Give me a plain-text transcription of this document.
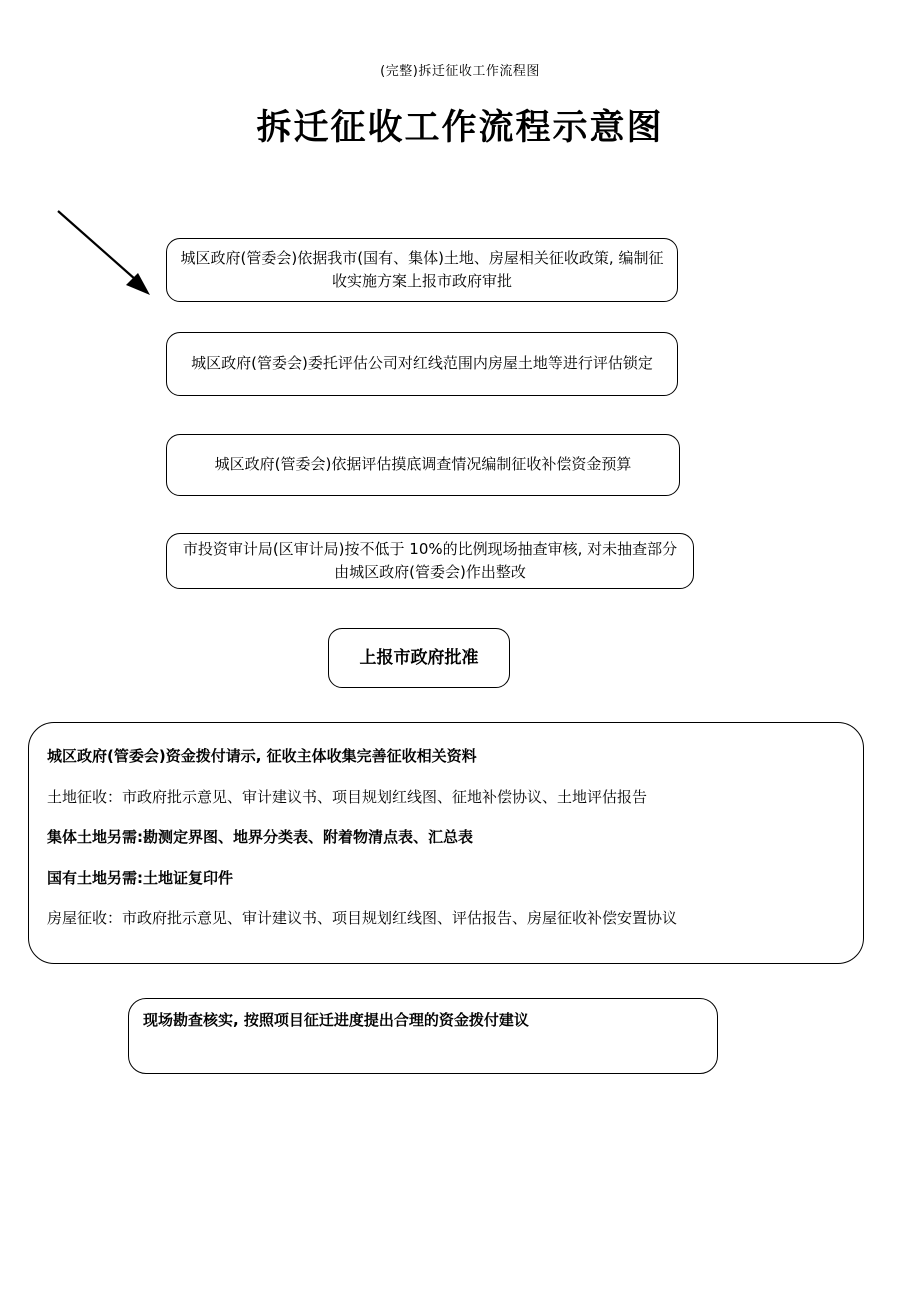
(完整)拆迁征收工作流程图
拆迁征收工作流程示意图
城区政府(管委会)依据我市(国有、集体)土地、房屋相关征收政策, 编制征收实施方案上报市政府审批
城区政府(管委会)委托评估公司对红线范围内房屋土地等进行评估锁定
城区政府(管委会)依据评估摸底调查情况编制征收补偿资金预算
市投资审计局(区审计局)按不低于 10%的比例现场抽查审核, 对未抽查部分由城区政府(管委会)作出整改
上报市政府批准
城区政府(管委会)资金拨付请示, 征收主体收集完善征收相关资料
土地征收：市政府批示意见、审计建议书、项目规划红线图、征地补偿协议、土地评估报告
集体土地另需:勘测定界图、地界分类表、附着物清点表、汇总表
国有土地另需:土地证复印件
房屋征收：市政府批示意见、审计建议书、项目规划红线图、评估报告、房屋征收补偿安置协议
现场勘查核实, 按照项目征迁进度提出合理的资金拨付建议
